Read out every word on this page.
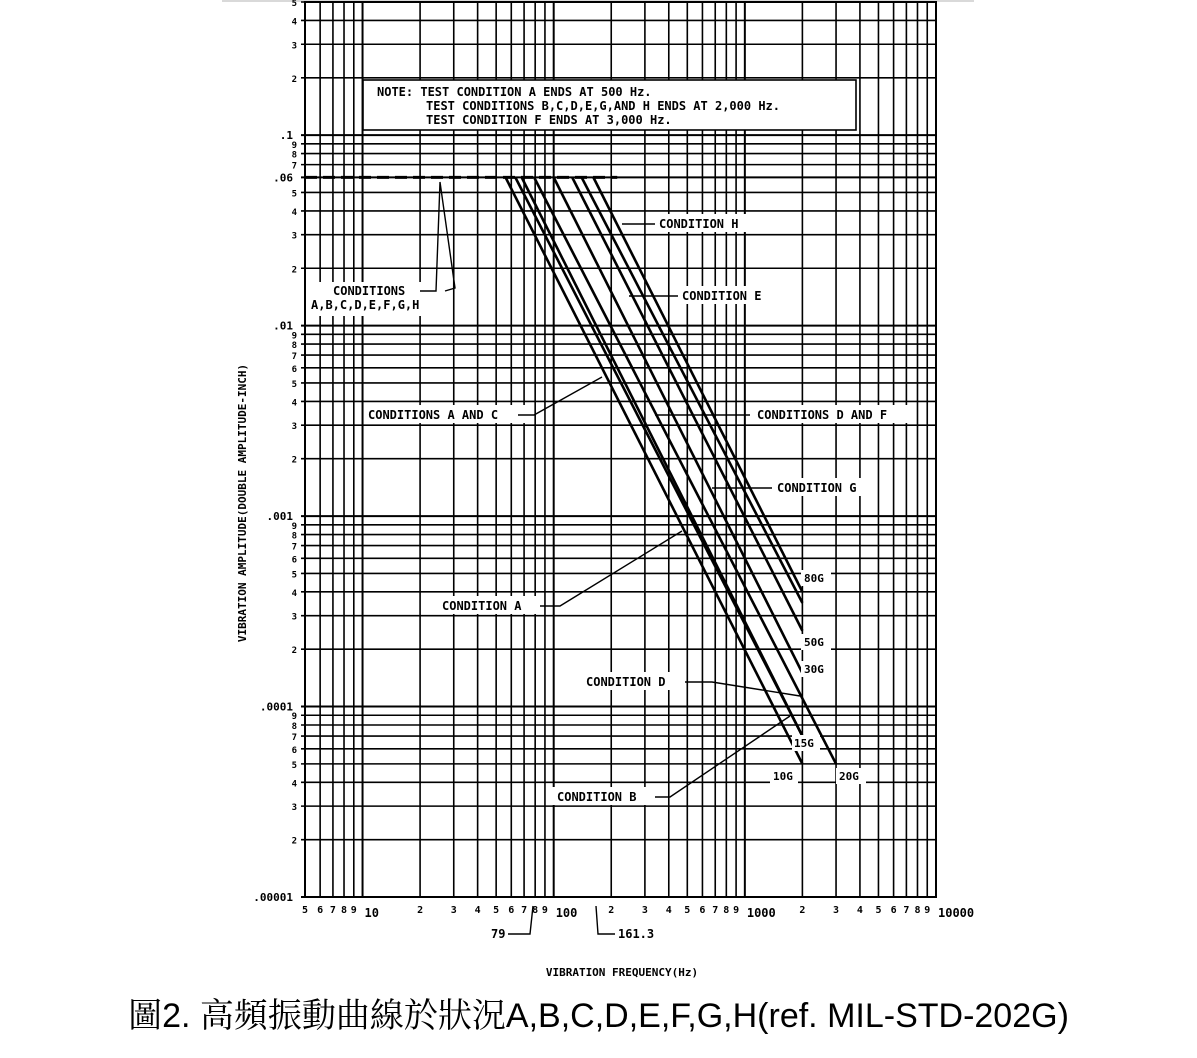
5 6 7 8 9 10	2	3 4 5 6 7 8 9 100	2	3 4 5 6 7 8 9 1000 2	3 4 5 6 7 8 9 10000
.00001
2
3
4
5
6
7
8
9
.0001
2
3
4
5
6
7
8
9
.001
2
3
4
5
6
7
8
9
.01
2
3
4
5
.06
7
8
9
.1
2
3
4
5
NOTE: TEST CONDITION A ENDS AT 500 Hz.
TEST CONDITIONS B,C,D,E,G,AND H ENDS AT 2,000 Hz.
TEST CONDITION F ENDS AT 3,000 Hz.
VIBRATION FREQUENCY(Hz)
VIBRATION AMPLITUDE(DOUBLE AMPLITUDE-INCH)
CONDITIONS
A,B,C,D,E,F,G,H
CONDITION H
CONDITION E
CONDITIONS A AND C	CONDITIONS D AND F
CONDITION G
CONDITION A
CONDITION D
CONDITION B
80G
50G
30G
15G
10G	20G
79	161.3
圖2. 高頻振動曲線於狀況A,B,C,D,E,F,G,H(ref. MIL-STD-202G)
